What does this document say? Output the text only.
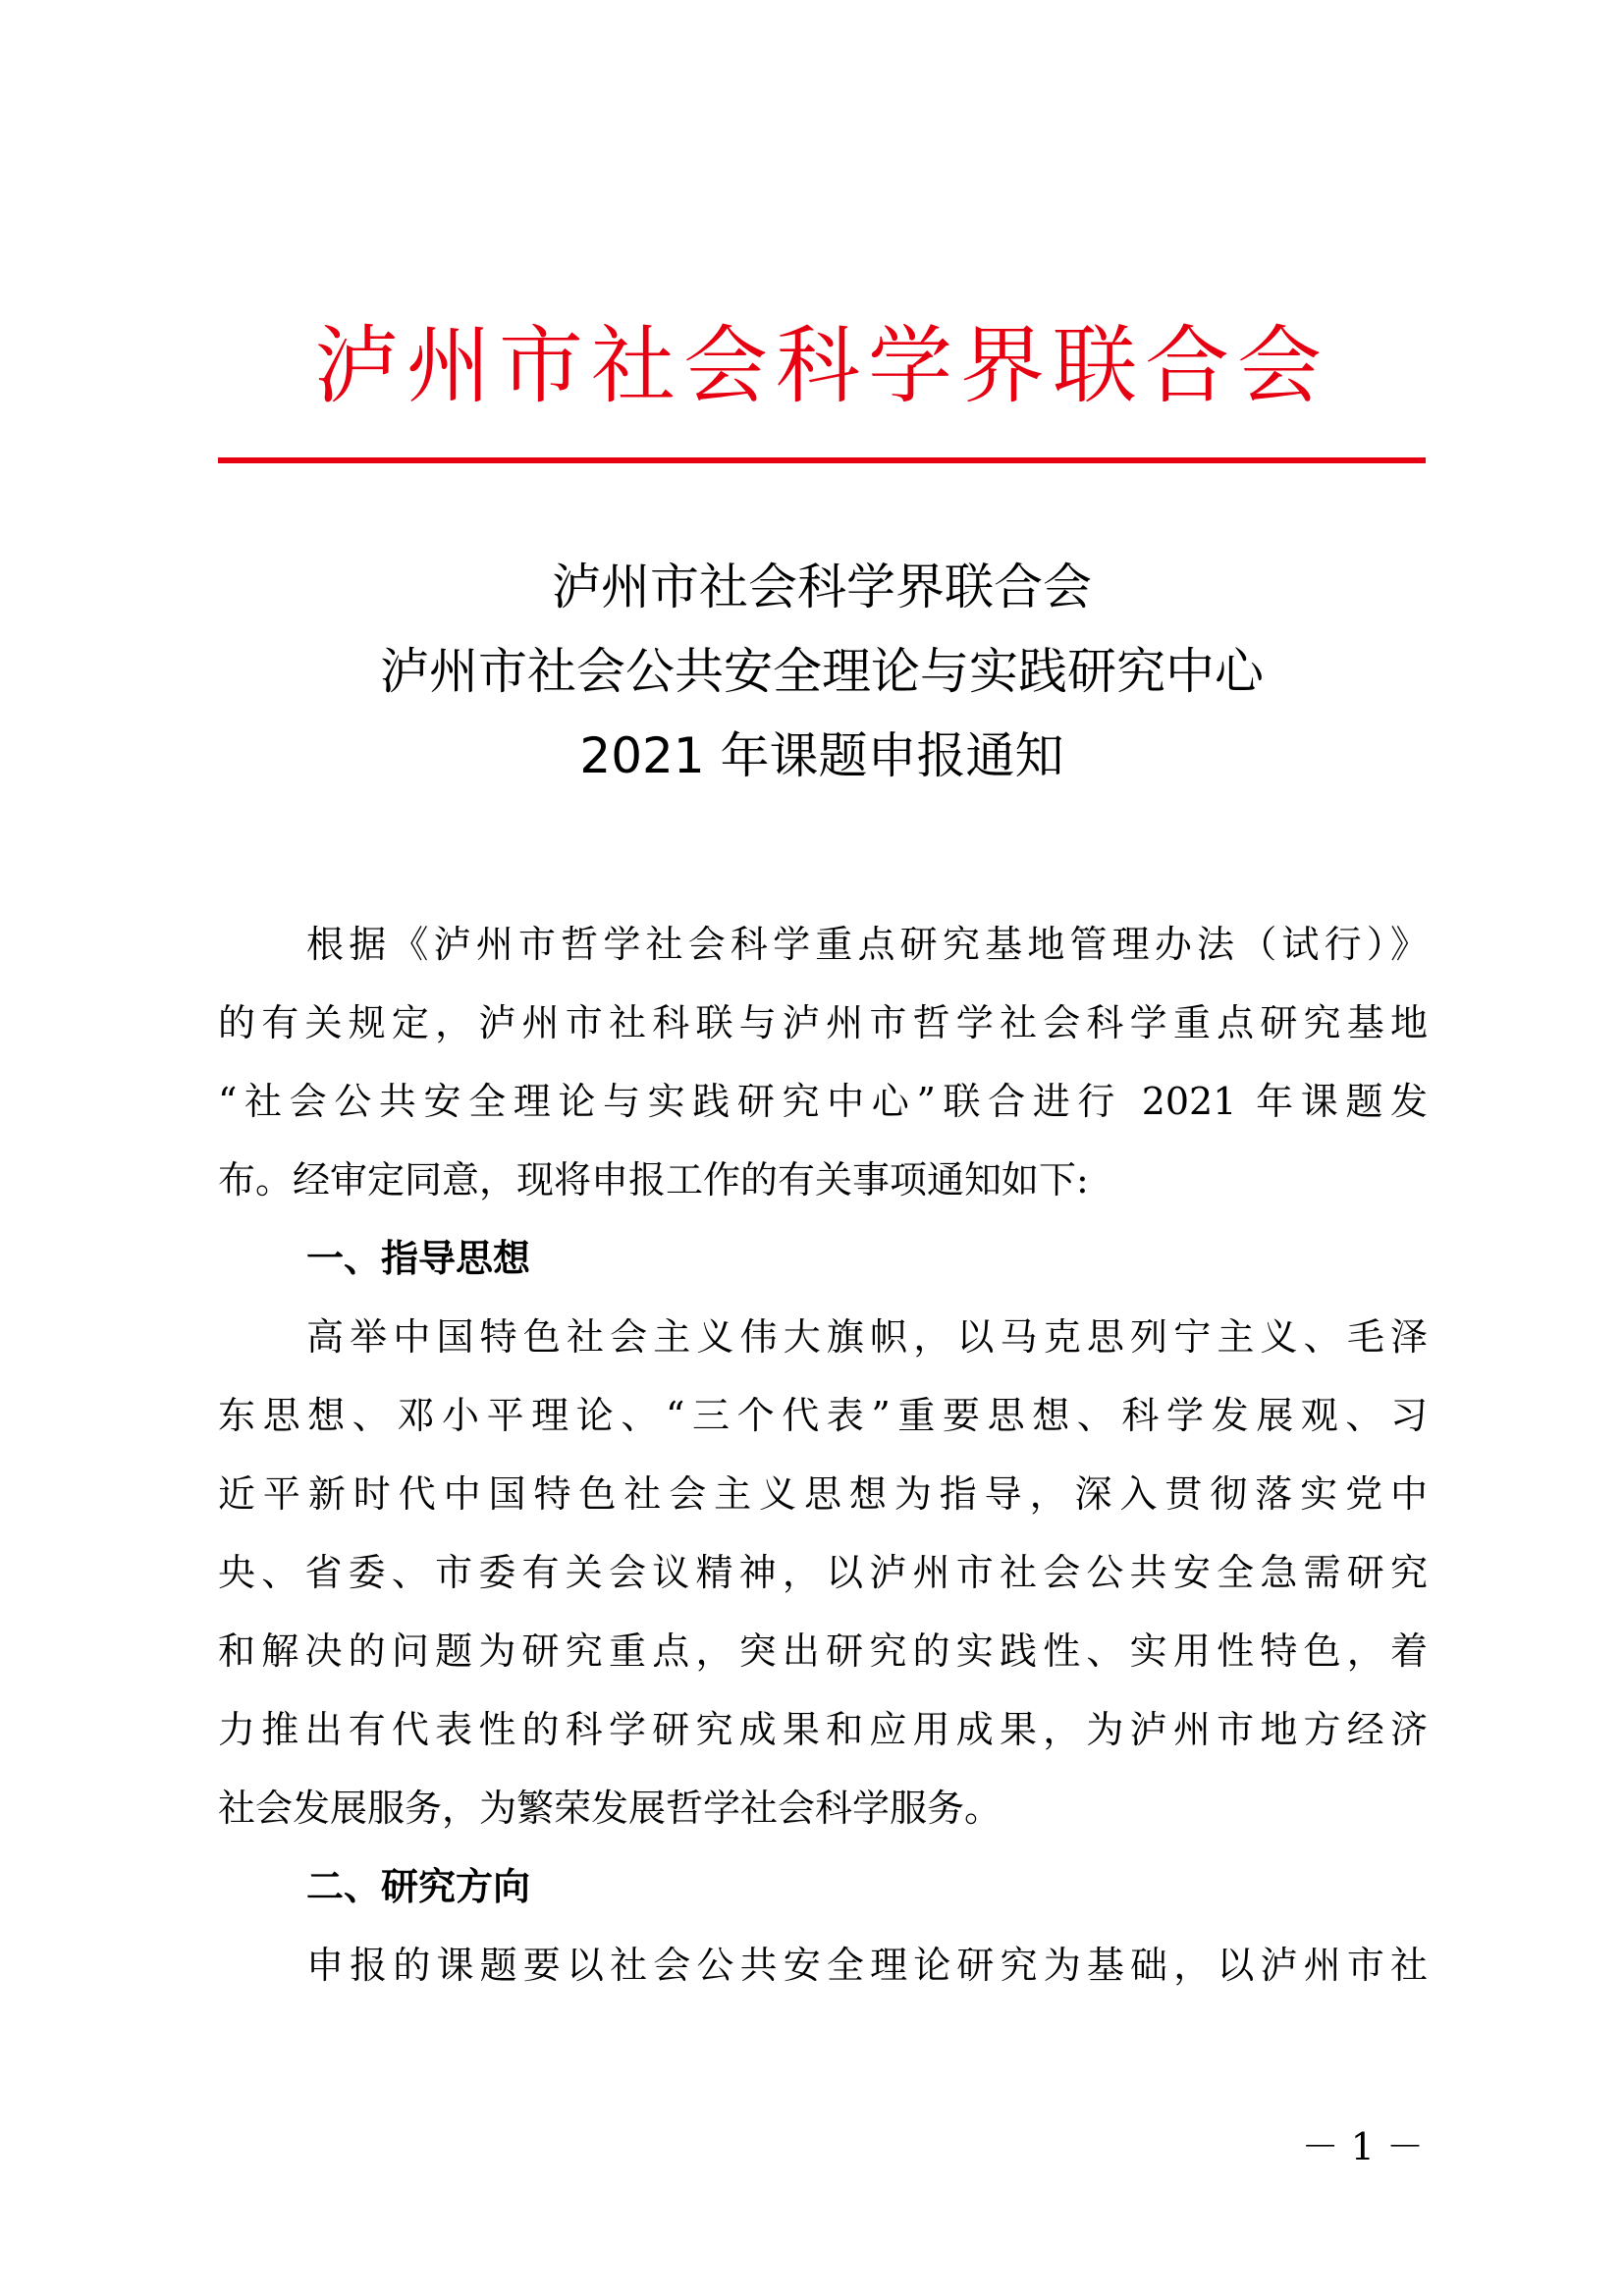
泸州市社会科学界联合会
泸州市社会科学界联合会
泸州市社会公共安全理论与实践研究中心
2021 年课题申报通知
根据《泸州市哲学社会科学重点研究基地管理办法（试行）》
的有关规定，泸州市社科联与泸州市哲学社会科学重点研究基地
“社会公共安全理论与实践研究中心”联合进行 2021 年课题发
布。经审定同意，现将申报工作的有关事项通知如下:
一、指导思想
高举中国特色社会主义伟大旗帜，以马克思列宁主义、毛泽
东思想、邓小平理论、“三个代表”重要思想、科学发展观、习
近平新时代中国特色社会主义思想为指导，深入贯彻落实党中
央、省委、市委有关会议精神，以泸州市社会公共安全急需研究
和解决的问题为研究重点，突出研究的实践性、实用性特色，着
力推出有代表性的科学研究成果和应用成果，为泸州市地方经济
社会发展服务，为繁荣发展哲学社会科学服务。
二、研究方向
申报的课题要以社会公共安全理论研究为基础，以泸州市社
－ 1 －
